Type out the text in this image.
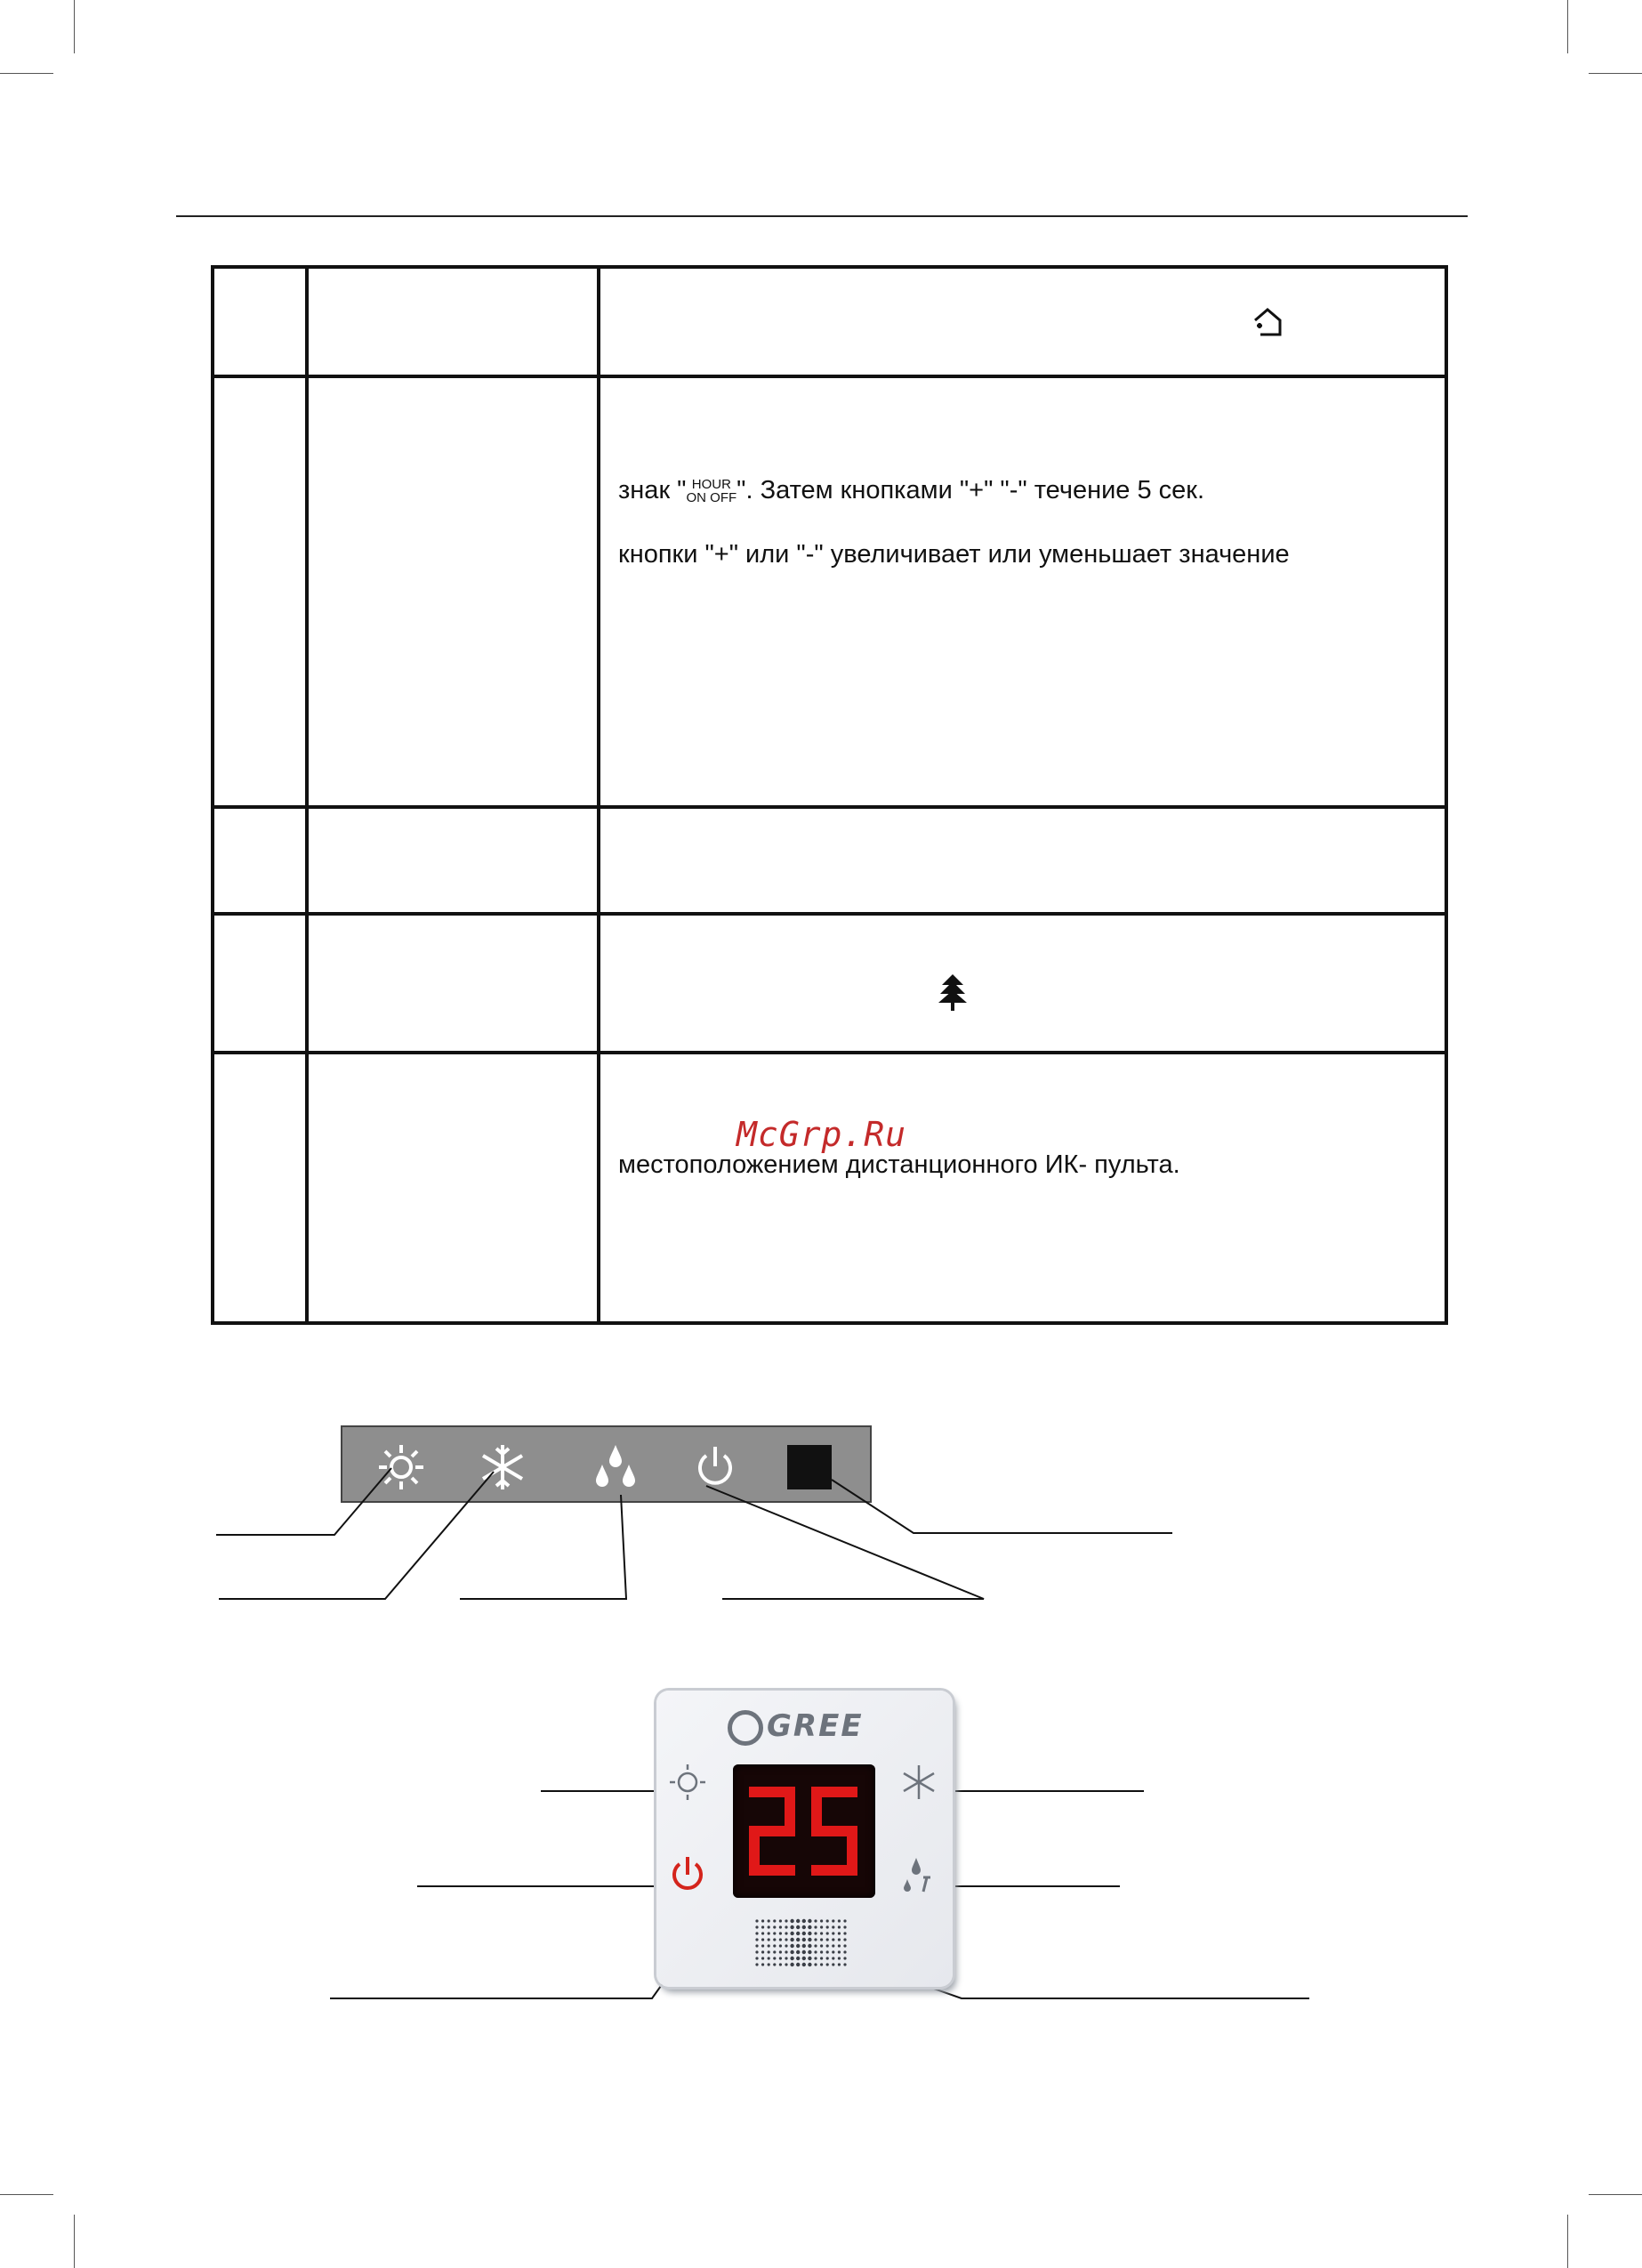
		знак " HOUR
ON OFF". Затем кнопками "+" "-" течение 5 сек.
кнопки "+" или "-" увеличивает или уменьшает значение

		местоположением дистанционного ИК- пульта.
McGrp.Ru
GREE
